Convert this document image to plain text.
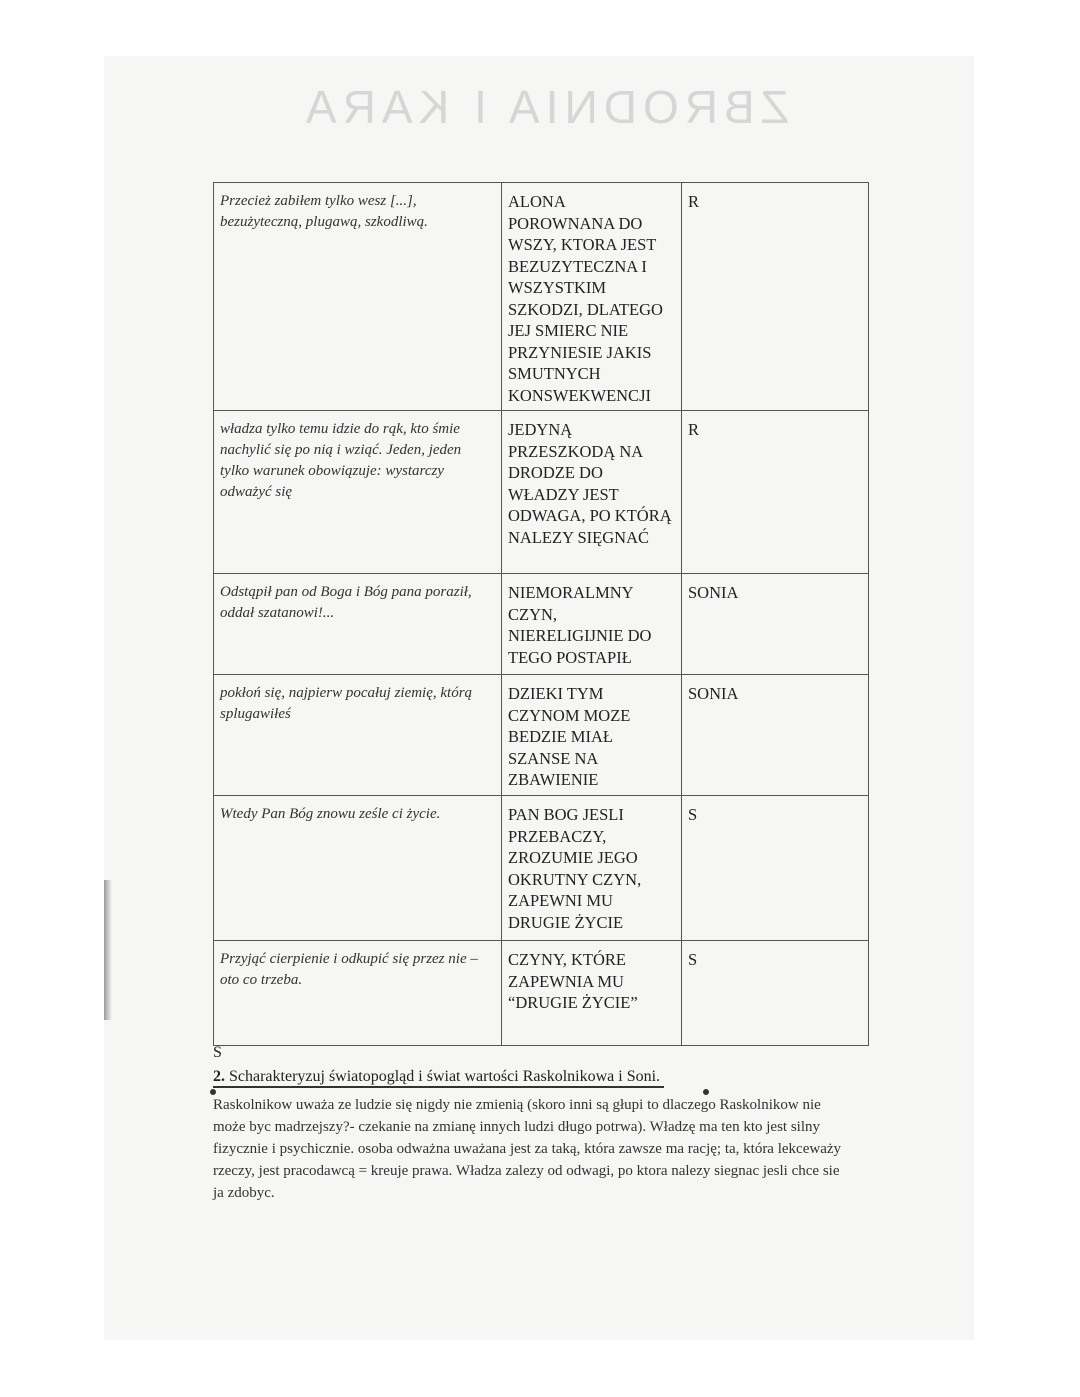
ZBRODNIA I KARA
Przecież zabiłem tylko wesz [...], bezużyteczną, plugawą, szkodliwą.	ALONA POROWNANA DO WSZY, KTORA JEST BEZUZYTECZNA I WSZYSTKIM SZKODZI, DLATEGO JEJ SMIERC NIE PRZYNIESIE JAKIS SMUTNYCH KONSWEKWENCJI	R
władza tylko temu idzie do rąk, kto śmie nachylić się po nią i wziąć. Jeden, jeden tylko warunek obowiązuje: wystarczy odważyć się	JEDYNĄ PRZESZKODĄ NA DRODZE DO WŁADZY JEST ODWAGA, PO KTÓRĄ NALEZY SIĘGNAĆ	R
Odstąpił pan od Boga i Bóg pana poraził, oddał szatanowi!...	NIEMORALMNY CZYN, NIERELIGIJNIE DO TEGO POSTAPIŁ	SONIA
pokłoń się, najpierw pocałuj ziemię, którą splugawiłeś	DZIEKI TYM CZYNOM MOZE BEDZIE MIAŁ SZANSE NA ZBAWIENIE	SONIA
Wtedy Pan Bóg znowu ześle ci życie.	PAN BOG JESLI PRZEBACZY, ZROZUMIE JEGO OKRUTNY CZYN, ZAPEWNI MU DRUGIE ŻYCIE	S
Przyjąć cierpienie i odkupić się przez nie – oto co trzeba.	CZYNY, KTÓRE ZAPEWNIA MU “DRUGIE ŻYCIE”	S
S
2. Scharakteryzuj światopogląd i świat wartości Raskolnikowa i Soni.
Raskolnikow uważa ze ludzie się nigdy nie zmienią (skoro inni są głupi to dlaczego Raskolnikow nie może byc madrzejszy?- czekanie na zmianę innych ludzi długo potrwa). Władzę ma ten kto jest silny fizycznie i psychicznie. osoba odważna uważana jest za taką, która zawsze ma rację; ta, która lekceważy rzeczy, jest pracodawcą = kreuje prawa. Władza zalezy od odwagi, po ktora nalezy siegnac jesli chce sie ja zdobyc.
